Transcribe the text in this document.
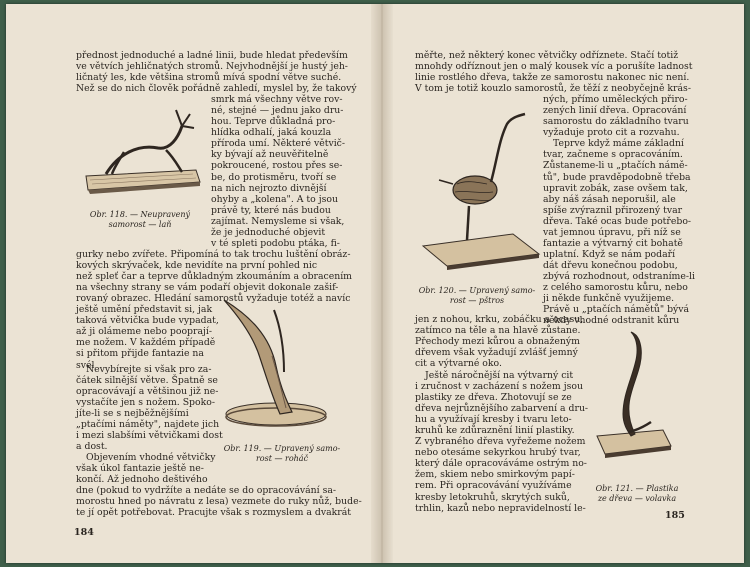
přednost jednoduché a ladné linii, bude hledat především
ve větvích jehličnatých stromů. Nejvhodnější je hustý jeh-
ličnatý les, kde většina stromů mívá spodní větve suché.
Než se do nich člověk pořádně zahledí, myslel by, že takový
smrk má všechny větve rov-
né, stejné — jednu jako dru-
hou. Teprve důkladná pro-
hlídka odhalí, jaká kouzla
příroda umí. Některé větvič-
ky bývají až neuvěřitelně
pokroucené, rostou přes se-
be, do protisměru, tvoří se
na nich nejrozto divnější
ohyby a „kolena". A to jsou
právě ty, které nás budou
zajímat. Nemysleme si však,
že je jednoduché objevit
v té spleti podobu ptáka, fi-
Obr. 118. — Neupravený
samorost — laň
gurky nebo zvířete. Připomíná to tak trochu luštění obráz-
kových skrývaček, kde nevidíte na první pohled nic
než spleť čar a teprve důkladným zkoumáním a obracením
na všechny strany se vám podaří objevit dokonale zašif-
rovaný obrazec. Hledání samorostů vyžaduje totéž a navíc
ještě umění představit si, jak
taková větvička bude vypadat,
až ji olámeme nebo pooprají-
me nožem. V každém případě
si přitom přijde fantazie na
svél
Nevybírejte si však pro za-
čátek silnější větve. Špatně se
opracovávají a většinou již ne-
vystačíte jen s nožem. Spoko-
jíte-li se s nejběžnějšími
„ptačími náměty", najdete jich
i mezi slabšími větvičkami dost
a dost.	Obr. 119. — Upravený samo-
rost — roháč
Objevením vhodné větvičky
však úkol fantazie ještě ne-
končí. Až jednoho deštivého
dne (pokud to vydržíte a nedáte se do opracovávání sa-
morostu hned po návratu z lesa) vezmete do ruky nůž, bude-
te jí opět potřebovat. Pracujte však s rozmyslem a dvakrát
184
měřte, než některý konec větvičky odříznete. Stačí totiž
mnohdy odříznout jen o malý kousek víc a porušíte ladnost
linie rostlého dřeva, takže ze samorostu nakonec nic není.
V tom je totiž kouzlo samorostů, že těží z neobyčejně krás-
Obr. 120. — Upravený samo-
rost — pštros
ných, přímo uměleckých přiro-
zených linií dřeva. Opracování
samorostu do základního tvaru
vyžaduje proto cit a rozvahu.
Teprve když máme základní
tvar, začneme s opracováním.
Zůstaneme-li u „ptačích námě-
tů", bude pravděpodobně třeba
upravit zobák, zase ovšem tak,
aby náš zásah neporušil, ale
spíše zvýraznil přirozený tvar
dřeva. Také ocas bude potřebo-
vat jemnou úpravu, při níž se
fantazie a výtvarný cit bohatě
uplatní. Když se nám podaří
dát dřevu konečnou podobu,
zbývá rozhodnout, odstraníme-li
z celého samorostu kůru, nebo
ji někde funkčně využijeme.
Právě u „ptačích námětů" bývá
někdy vhodné odstranit kůru
jen z nohou, krku, zobáčku a ocasu,
zatímco na těle a na hlavě zůstane.
Přechody mezi kůrou a obnaženým
dřevem však vyžadují zvlášť jemný
cit a výtvarné oko.
Ještě náročnější na výtvarný cit
i zručnost v zacházení s nožem jsou
plastiky ze dřeva. Zhotovují se ze
dřeva nejrůznějšího zabarvení a dru-
hu a využívají kresby i tvaru leto-
kruhů ke zdůraznění linií plastiky.
Z vybraného dřeva vyřežeme nožem
nebo otesáme sekyrkou hrubý tvar,
který dále opracováváme ostrým no-
žem, skiem nebo smirkovým papí-
rem. Při opracovávání využíváme
kresby letokruhů, skrytých suků,
trhlin, kazů nebo nepravidelností le-
Obr. 121. — Plastika
ze dřeva — volavka
185
